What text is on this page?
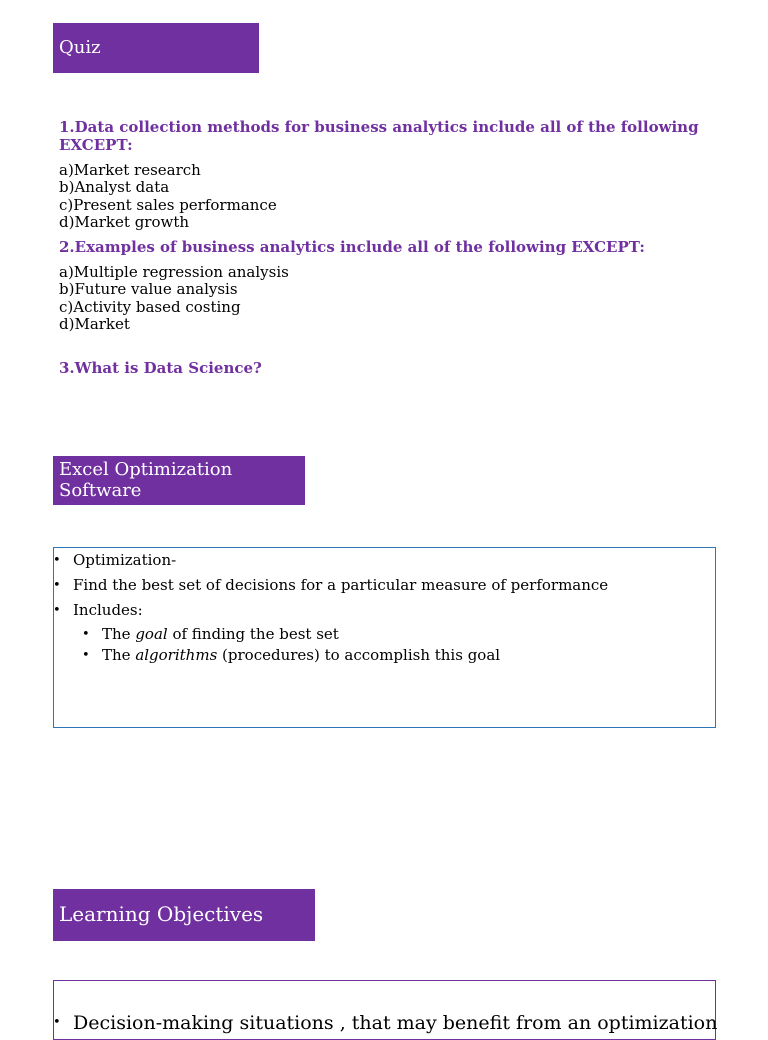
Quiz
1.Data collection methods for business analytics include all of the following EXCEPT:
a)Market research
b)Analyst data
c)Present sales performance
d)Market growth
2.Examples of business analytics include all of the following EXCEPT:
a)Multiple regression analysis
b)Future value analysis
c)Activity based costing
d)Market
3.What is Data Science?
Excel Optimization Software
• Optimization-
• Find the best set of decisions for a particular measure of performance
• Includes:
• The goal of finding the best set
• The algorithms (procedures) to accomplish this goal
Learning Objectives
• Decision-making situations , that may benefit from an optimization
